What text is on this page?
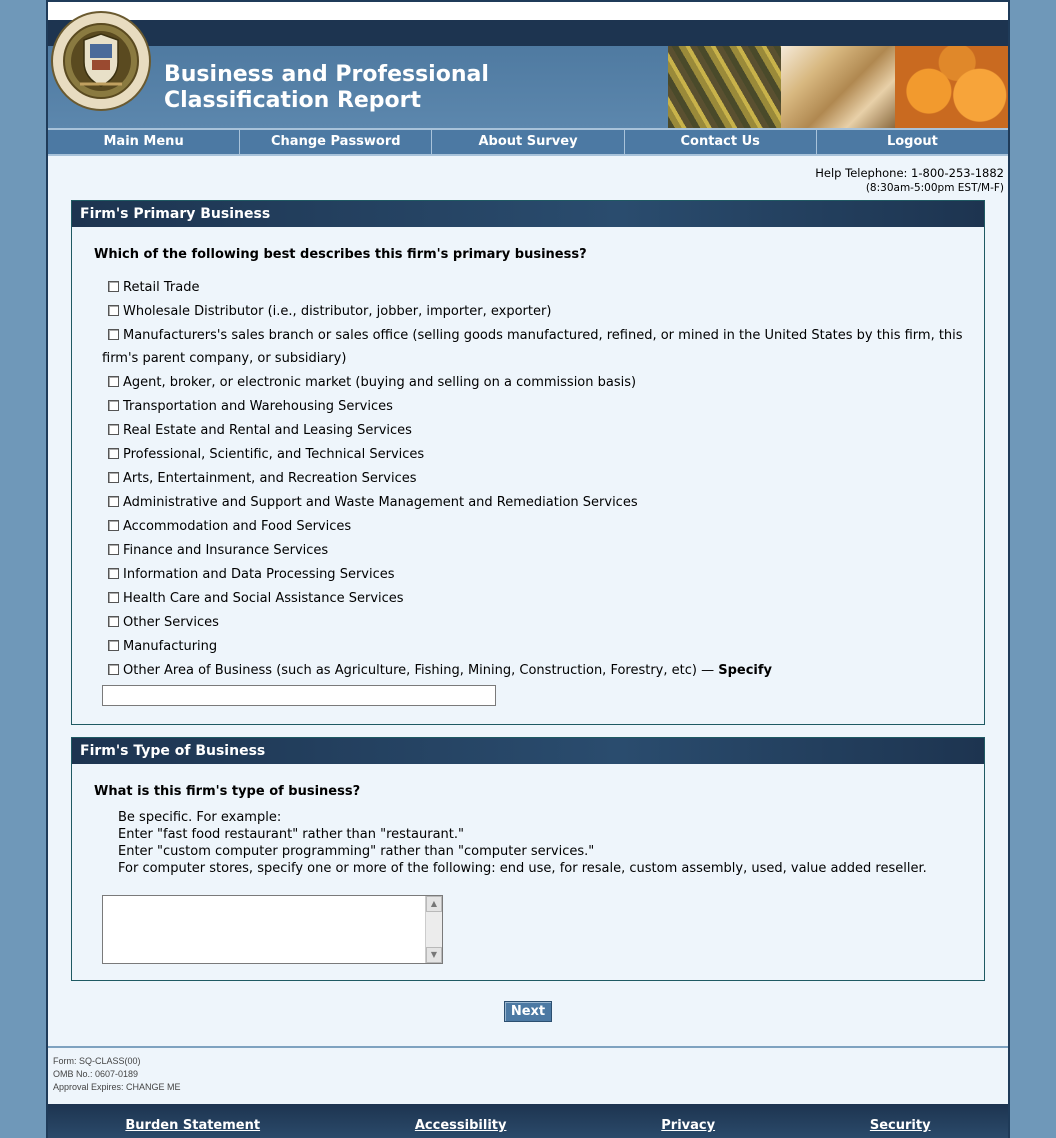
Business and Professional
Classification Report
Main Menu	Change Password	About Survey	Contact Us	Logout
Help Telephone: 1-800-253-1882
(8:30am-5:00pm EST/M-F)
Firm's Primary Business
Which of the following best describes this firm's primary business?
Retail Trade
Wholesale Distributor (i.e., distributor, jobber, importer, exporter)
Manufacturers's sales branch or sales office (selling goods manufactured, refined, or mined in the United States by this firm, this firm's parent company, or subsidiary)
Agent, broker, or electronic market (buying and selling on a commission basis)
Transportation and Warehousing Services
Real Estate and Rental and Leasing Services
Professional, Scientific, and Technical Services
Arts, Entertainment, and Recreation Services
Administrative and Support and Waste Management and Remediation Services
Accommodation and Food Services
Finance and Insurance Services
Information and Data Processing Services
Health Care and Social Assistance Services
Other Services
Manufacturing
Other Area of Business (such as Agriculture, Fishing, Mining, Construction, Forestry, etc) — Specify
Firm's Type of Business
What is this firm's type of business?
Be specific. For example:
Enter "fast food restaurant" rather than "restaurant."
Enter "custom computer programming" rather than "computer services."
For computer stores, specify one or more of the following: end use, for resale, custom assembly, used, value added reseller.
▲
▼
Next
Form: SQ-CLASS(00)
OMB No.: 0607-0189
Approval Expires: CHANGE ME
Burden Statement	Accessibility	Privacy	Security
